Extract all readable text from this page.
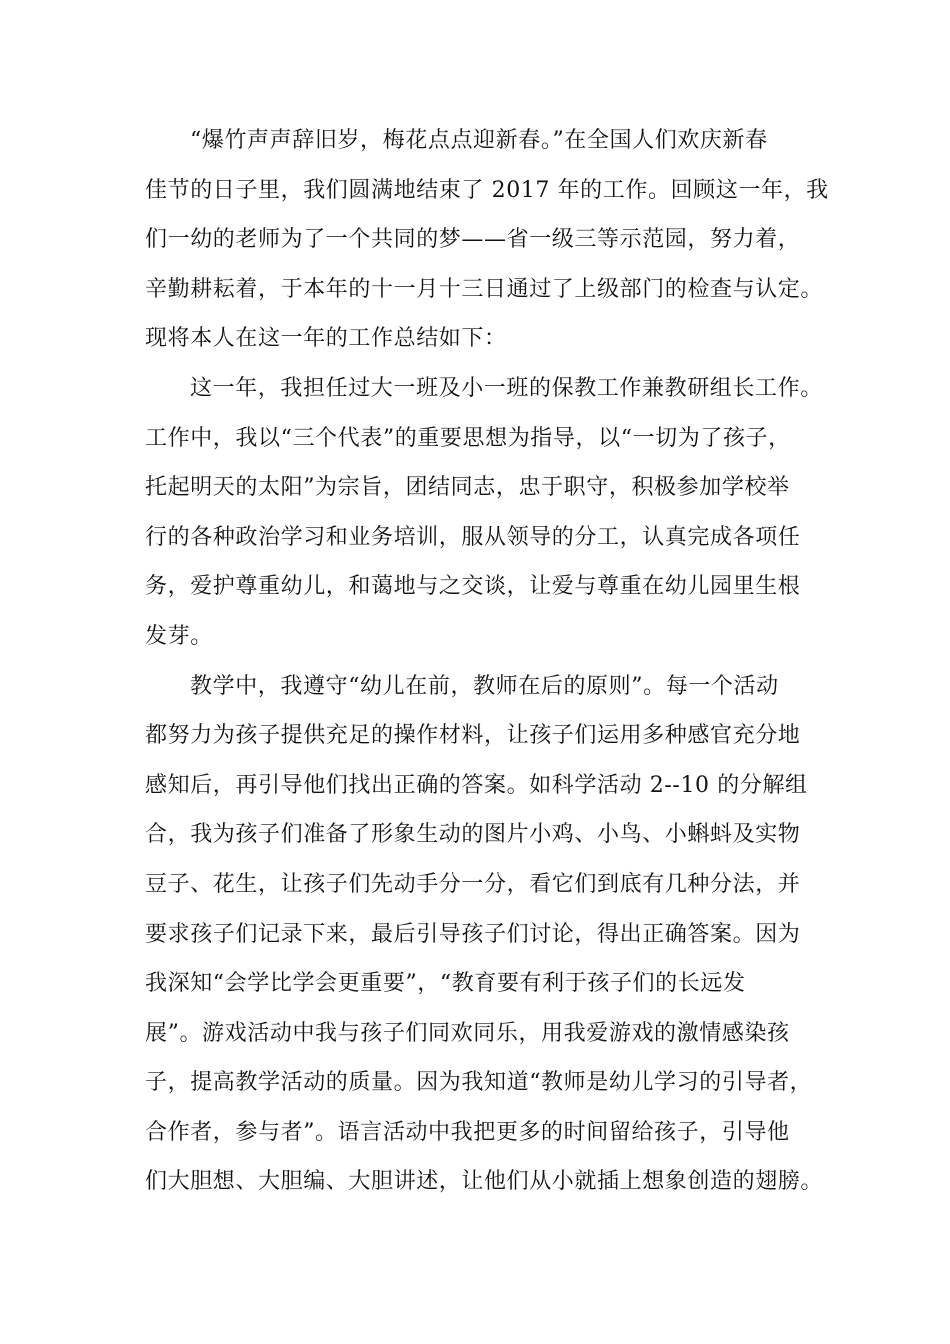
“爆竹声声辞旧岁，梅花点点迎新春。”在全国人们欢庆新春
佳节的日子里，我们圆满地结束了 2017 年的工作。回顾这一年，我
们一幼的老师为了一个共同的梦——省一级三等示范园，努力着，
辛勤耕耘着，于本年的十一月十三日通过了上级部门的检查与认定。
现将本人在这一年的工作总结如下：
这一年，我担任过大一班及小一班的保教工作兼教研组长工作。
工作中，我以“三个代表”的重要思想为指导，以“一切为了孩子，
托起明天的太阳”为宗旨，团结同志，忠于职守，积极参加学校举
行的各种政治学习和业务培训，服从领导的分工，认真完成各项任
务，爱护尊重幼儿，和蔼地与之交谈，让爱与尊重在幼儿园里生根
发芽。
教学中，我遵守“幼儿在前，教师在后的原则”。每一个活动
都努力为孩子提供充足的操作材料，让孩子们运用多种感官充分地
感知后，再引导他们找出正确的答案。如科学活动 2--10 的分解组
合，我为孩子们准备了形象生动的图片小鸡、小鸟、小蝌蚪及实物
豆子、花生，让孩子们先动手分一分，看它们到底有几种分法，并
要求孩子们记录下来，最后引导孩子们讨论，得出正确答案。因为
我深知“会学比学会更重要”，“教育要有利于孩子们的长远发
展”。游戏活动中我与孩子们同欢同乐，用我爱游戏的激情感染孩
子，提高教学活动的质量。因为我知道“教师是幼儿学习的引导者，
合作者，参与者”。语言活动中我把更多的时间留给孩子，引导他
们大胆想、大胆编、大胆讲述，让他们从小就插上想象创造的翅膀。
